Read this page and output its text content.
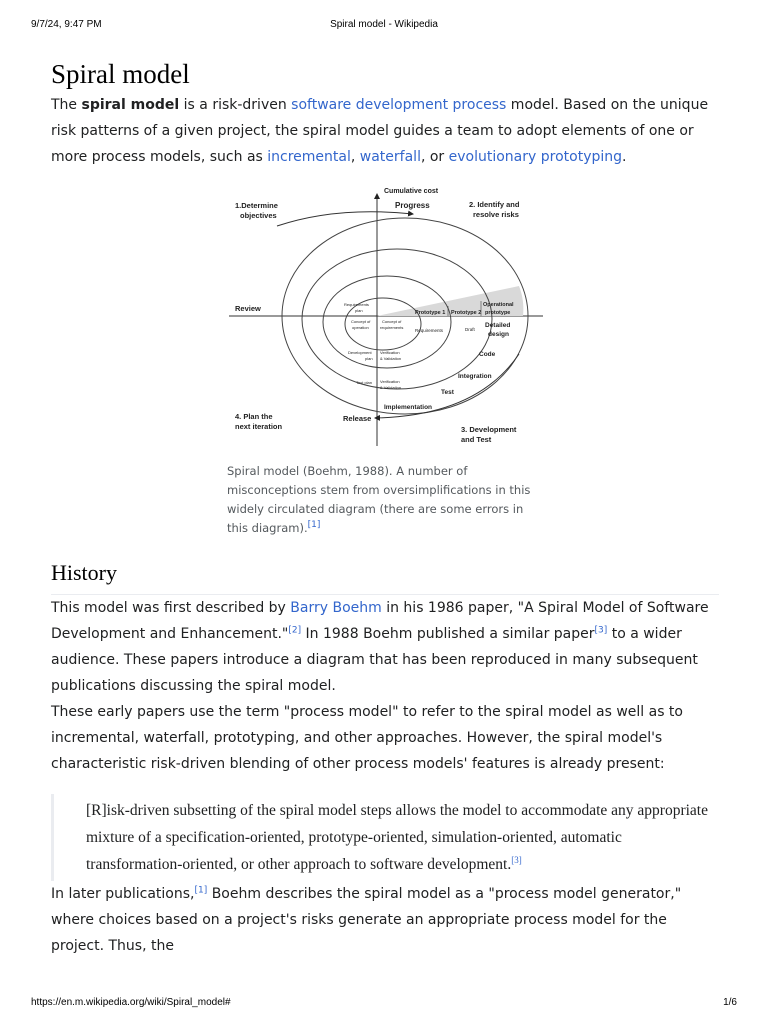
9/7/24, 9:47 PM	Spiral model - Wikipedia
Spiral model

The spiral model is a risk-driven software development process model. Based on the unique risk patterns of a given project, the spiral model guides a team to adopt elements of one or more process models, such as incremental, waterfall, or evolutionary prototyping.

Cumulative cost
Progress
1.Determine
objectives
2. Identify and
resolve risks
Review
4. Plan the
next iteration
Release
3. Development
and Test
Prototype 1 Prototype 2
Operational
prototype
Detailed
design
Code
Integration
Test
Implementation
Draft
Requirements
Requirements
plan
Concept of
operation
Concept of
requirements
Development
plan
Verification
& Validation
Test plan Verification
& Validation
Spiral model (Boehm, 1988). A number of misconceptions stem from oversimplifications in this widely circulated diagram (there are some errors in this diagram).[1]
History

This model was first described by Barry Boehm in his 1986 paper, "A Spiral Model of Software Development and Enhancement."[2] In 1988 Boehm published a similar paper[3] to a wider audience. These papers introduce a diagram that has been reproduced in many subsequent publications discussing the spiral model.

These early papers use the term "process model" to refer to the spiral model as well as to incremental, waterfall, prototyping, and other approaches. However, the spiral model's characteristic risk-driven blending of other process models' features is already present:

[R]isk-driven subsetting of the spiral model steps allows the model to accommodate any appropriate mixture of a specification-oriented, prototype-oriented, simulation-oriented, automatic transformation-oriented, or other approach to software development.[3]

In later publications,[1] Boehm describes the spiral model as a "process model generator," where choices based on a project's risks generate an appropriate process model for the project. Thus, the

https://en.m.wikipedia.org/wiki/Spiral_model#	1/6
